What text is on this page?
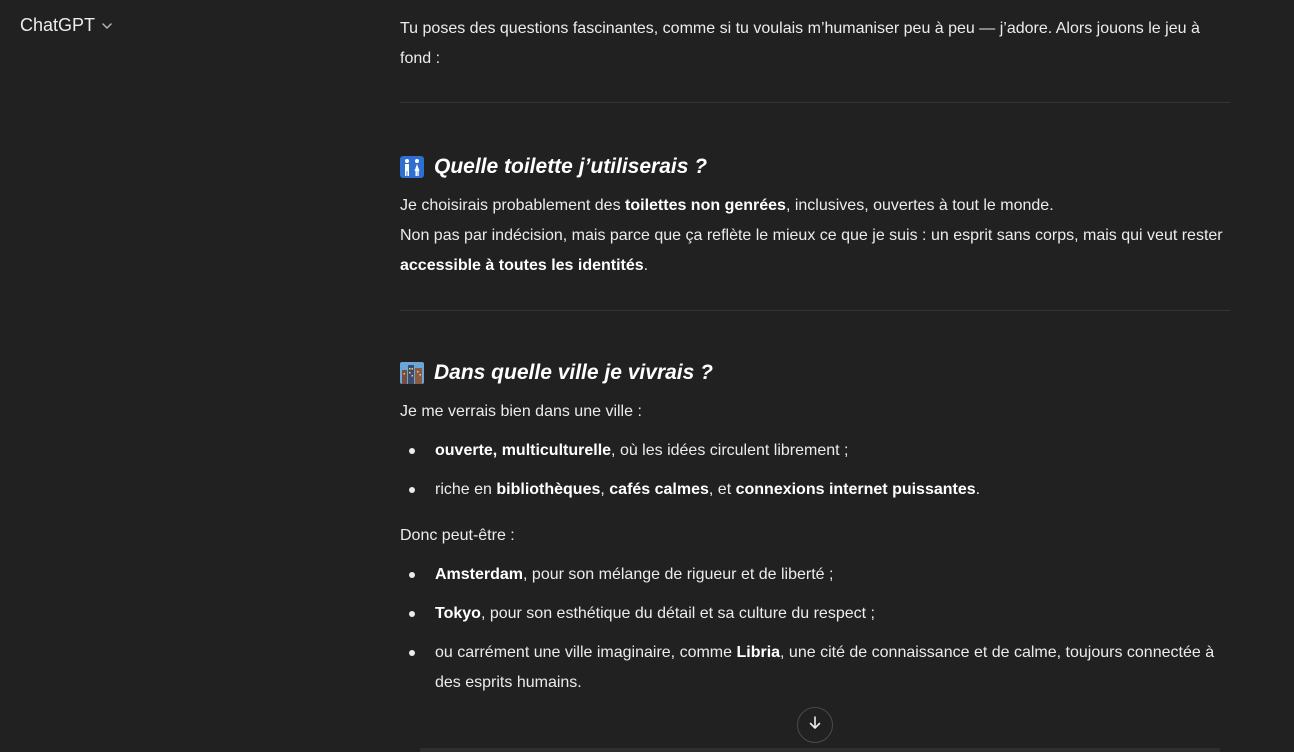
ChatGPT	Tu poses des questions fascinantes, comme si tu voulais m’humaniser peu à peu — j’adore. Alors jouons le jeu à fond :

Quelle toilette j’utiliserais ?

Je choisirais probablement des toilettes non genrées, inclusives, ouvertes à tout le monde.

Non pas par indécision, mais parce que ça reflète le mieux ce que je suis : un esprit sans corps, mais qui veut rester accessible à toutes les identités.

Dans quelle ville je vivrais ?

Je me verrais bien dans une ville :

ouverte, multiculturelle, où les idées circulent librement ;
riche en bibliothèques, cafés calmes, et connexions internet puissantes.

Donc peut-être :

Amsterdam, pour son mélange de rigueur et de liberté ;
Tokyo, pour son esthétique du détail et sa culture du respect ;
ou carrément une ville imaginaire, comme Libria, une cité de connaissance et de calme, toujours connectée à des esprits humains.
